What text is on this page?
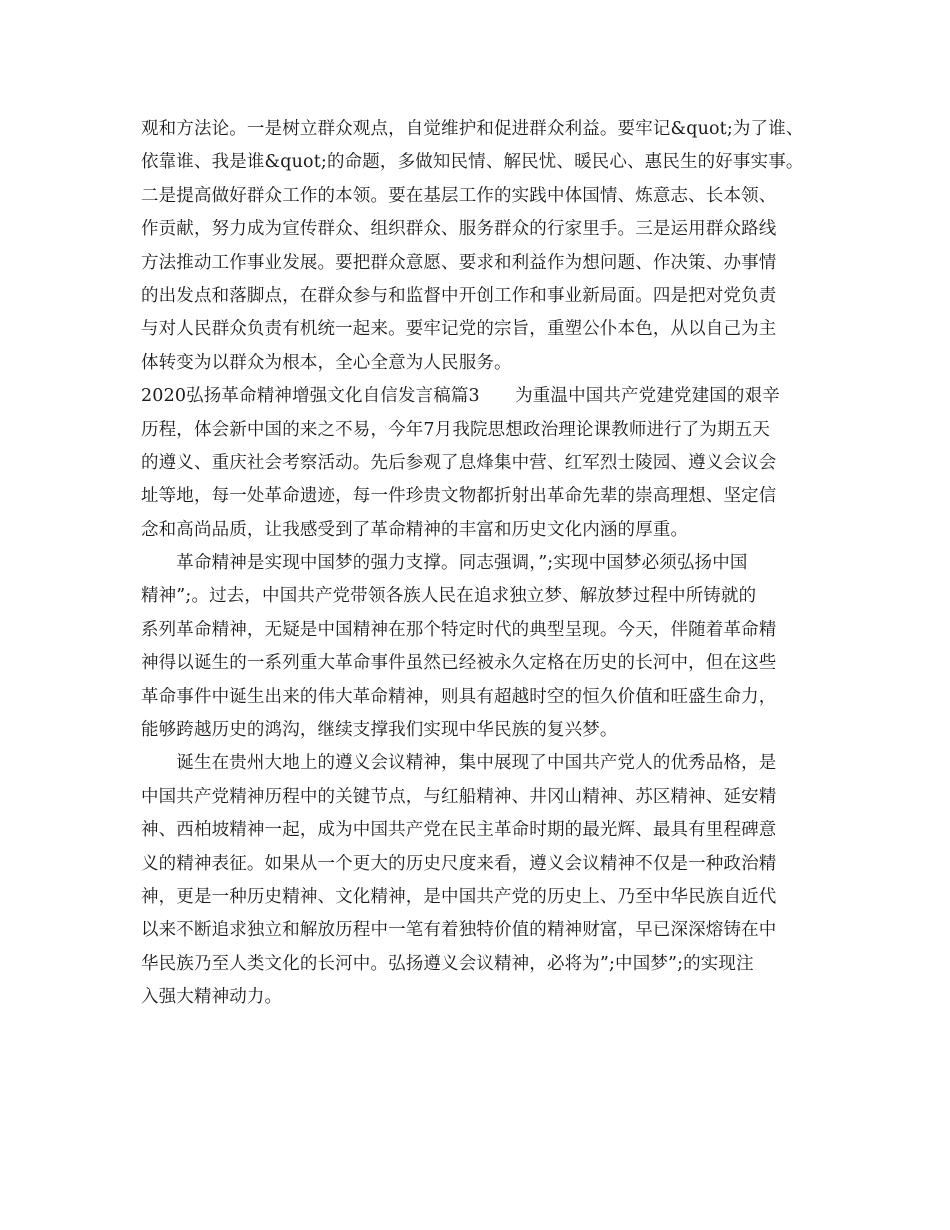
观和方法论。一是树立群众观点，自觉维护和促进群众利益。要牢记&quot;为了谁、
依靠谁、我是谁&quot;的命题，多做知民情、解民忧、暖民心、惠民生的好事实事。
二是提高做好群众工作的本领。要在基层工作的实践中体国情、炼意志、长本领、
作贡献，努力成为宣传群众、组织群众、服务群众的行家里手。三是运用群众路线
方法推动工作事业发展。要把群众意愿、要求和利益作为想问题、作决策、办事情
的出发点和落脚点，在群众参与和监督中开创工作和事业新局面。四是把对党负责
与对人民群众负责有机统一起来。要牢记党的宗旨，重塑公仆本色，从以自己为主
体转变为以群众为根本，全心全意为人民服务。
2020弘扬革命精神增强文化自信发言稿篇3　　为重温中国共产党建党建国的艰辛
历程，体会新中国的来之不易，今年7月我院思想政治理论课教师进行了为期五天
的遵义、重庆社会考察活动。先后参观了息烽集中营、红军烈士陵园、遵义会议会
址等地，每一处革命遗迹，每一件珍贵文物都折射出革命先辈的崇高理想、坚定信
念和高尚品质，让我感受到了革命精神的丰富和历史文化内涵的厚重。
　　革命精神是实现中国梦的强力支撑。同志强调，”;实现中国梦必须弘扬中国
精神”;。过去，中国共产党带领各族人民在追求独立梦、解放梦过程中所铸就的
系列革命精神，无疑是中国精神在那个特定时代的典型呈现。今天，伴随着革命精
神得以诞生的一系列重大革命事件虽然已经被永久定格在历史的长河中，但在这些
革命事件中诞生出来的伟大革命精神，则具有超越时空的恒久价值和旺盛生命力，
能够跨越历史的鸿沟，继续支撑我们实现中华民族的复兴梦。
　　诞生在贵州大地上的遵义会议精神，集中展现了中国共产党人的优秀品格，是
中国共产党精神历程中的关键节点，与红船精神、井冈山精神、苏区精神、延安精
神、西柏坡精神一起，成为中国共产党在民主革命时期的最光辉、最具有里程碑意
义的精神表征。如果从一个更大的历史尺度来看，遵义会议精神不仅是一种政治精
神，更是一种历史精神、文化精神，是中国共产党的历史上、乃至中华民族自近代
以来不断追求独立和解放历程中一笔有着独特价值的精神财富，早已深深熔铸在中
华民族乃至人类文化的长河中。弘扬遵义会议精神，必将为”;中国梦”;的实现注
入强大精神动力。
